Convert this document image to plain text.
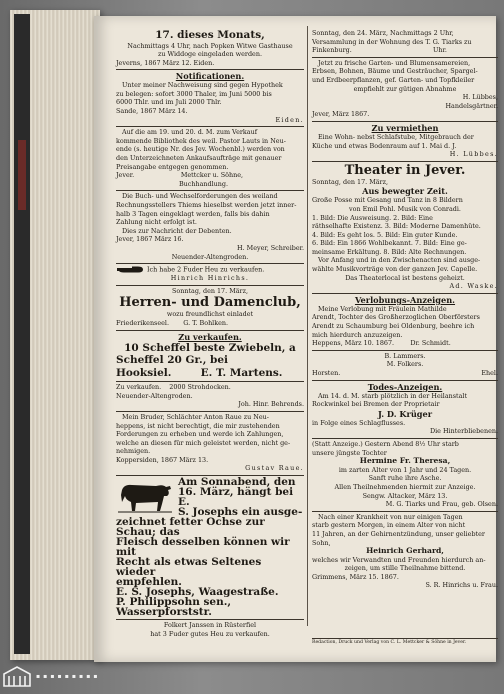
17. dieses Monats,
Nachmittags 4 Uhr, nach Popken Witwe Gasthause
zu Widdoge eingeladen werden.
Jeverns, 1867 März 12. Eiden.
Notificationen.
Unter meiner Nachweisung sind gegen Hypothek
zu belegen: sofort 3000 Thaler, im Juni 5000 bis
6000 Thlr. und im Juli 2000 Thlr.
Sande, 1867 März 14.
Eiden.
Auf die am 19. und 20. d. M. zum Verkauf
kommende Bibliothek des weil. Pastor Lauts in Neu-
ende (s. heutige Nr. des Jev. Wochenbl.) werden von
den Unterzeichneten Ankaufsaufträge mit genauer
Preisangabe entgegen genommen.
Jever.                       Mettcker u. Söhne,
Buchhandlung.
Die Buch- und Wechselforderungen des weiland
Rechnungsstellers Thiems hieselbst werden jetzt inner-
halb 3 Tagen eingeklagt werden, falls bis dahin
Zahlung nicht erfolgt ist.
Dies zur Nachricht der Debenten.
Jever, 1867 März 16.
H. Meyer, Schreiber.
Neuender-Altengroden.
Ich habe 2 Fuder Heu zu verkaufen.
Hinrich Hinrichs.
Sonntag, den 17. März,
Herren- und Damenclub,
wozu freundlichst einladet
Friederikenseel.       G. T. Bohlken.
Zu verkaufen.
10 Scheffel beste Zwiebeln, a
Scheffel 20 Gr., bei
Hooksiel.        E. T. Martens.
Zu verkaufen.    2000 Strohdocken.
Neuender-Altengroden.
Joh. Hinr. Behrends.
Mein Bruder, Schlächter Anton Raue zu Neu-
heppens, ist nicht berechtigt, die mir zustehenden
Forderungen zu erheben und werde ich Zahlungen,
welche an diesen für mich geleistet werden, nicht ge-
nehmigen.
Koppersiden, 1867 März 13.
Gustav Raue.
Am Sonnabend, den
16. März, hängt bei E.
S. Josephs ein ausge-
zeichnet fetter Ochse zur Schau; das
Fleisch desselben können wir mit
Recht als etwas Seltenes wieder
empfehlen.
E. S. Josephs, Waagestraße.
P. Philippsohn sen., Wasserpforststr.
Folkert Janssen in Rüsterfiel
hat 3 Fuder gutes Heu zu verkaufen.
Sonntag, den 24. März, Nachmittags 2 Uhr,
Versammlung in der Wohnung des T. G. Tiarks zu
Finkenburg.                                        Uhr.
Jetzt zu frische Garten- und Blumensamereien,
Erbsen, Bohnen, Bäume und Gesträucher, Spargel-
und Erdbeerpflanzen, gef. Garten- und Topfkleiler
empfiehlt zur gütigen Abnahme
H. Lübbes,
Handelsgärtner.
Jever, März 1867.
Zu vermiethen
Eine Wohn- nebst Schlafstube, Mitgebrauch der
Küche und etwas Bodenraum auf 1. Mai d. J.
H. Lübbes.
Theater in Jever.
Sonntag, den 17. März,
Aus bewegter Zeit.
Große Posse mit Gesang und Tanz in 8 Bildern
von Emil Pohl. Musik von Conradi.
1. Bild: Die Ausweisung. 2. Bild: Eine
räthselhafte Existenz. 3. Bild: Moderne Damenhüte.
4. Bild: Es geht los. 5. Bild: Ein guter Kunde.
6. Bild: Ein 1866 Wohlbekannt. 7. Bild: Eine ge-
meinsame Erkältung. 8. Bild: Alte Rechnungen.
Vor Anfang und in den Zwischenacten sind ausge-
wählte Musikvorträge von der ganzen Jev. Capelle.
Das Theaterlocal ist bestens geheizt.
Ad. Waske.
Verlobungs-Anzeigen.
Meine Verlobung mit Fräulein Mathilde
Arendt, Tochter des Großherzoglichen Oberförsters
Arendt zu Schaumburg bei Oldenburg, beehre ich
mich hierdurch anzuzeigen.
Heppens, März 10. 1867.        Dr. Schmidt.
B. Lammers.
M. Folkers.
Horsten.	Ehel.
Todes-Anzeigen.
Am 14. d. M. starb plötzlich in der Heilanstalt
Rockwinkel bei Bremen der Proprietair
J. D. Krüger
in Folge eines Schlagflusses.
Die Hinterbliebenen.
(Statt Anzeige.) Gestern Abend 8½ Uhr starb
unsere jüngste Tochter
Hermine Fr. Theresa,
im zarten Alter von 1 Jahr und 24 Tagen.
Sanft ruhe ihre Asche.
Allen Theilnehmenden hiermit zur Anzeige.
Sengw. Altacker, März 13.
M. G. Tiarks und Frau, geb. Olsen.
Nach einer Krankheit von nur einigen Tagen
starb gestern Morgen, in einem Alter von nicht
11 Jahren, an der Gehirnentzündung, unser geliebter
Sohn,
Heinrich Gerhard,
welches wir Verwandten und Freunden hierdurch an-
zeigen, um stille Theilnahme bittend.
Grimmens, März 15. 1867.
S. R. Hinrichs u. Frau.
Redaction, Druck und Verlag von C. L. Mettcker & Söhne in Jever.
▪ ▪ ▪ ▪ ▪ ▪ ▪ ▪ ▪
